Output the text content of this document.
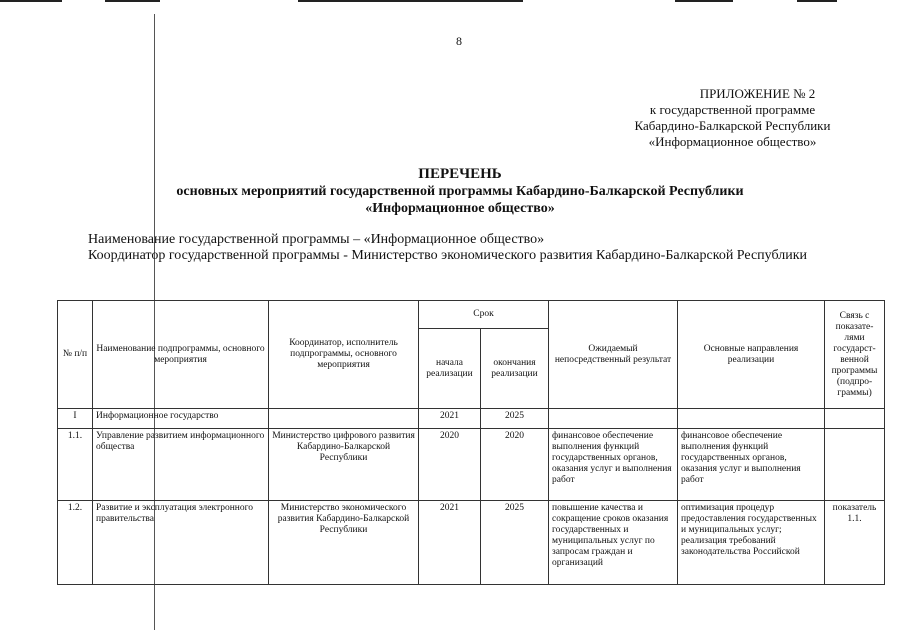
8
ПРИЛОЖЕНИЕ № 2
к государственной программе
Кабардино-Балкарской Республики
«Информационное общество»
ПЕРЕЧЕНЬ
основных мероприятий государственной программы Кабардино-Балкарской Республики
«Информационное общество»

Наименование государственной программы – «Информационное общество»

Координатор государственной программы - Министерство экономического развития Кабардино-Балкарской Республики

№ п/п	Наименование подпрограммы, основного мероприятия	Координатор, исполнитель подпрограммы, основного мероприятия	Срок		Ожидаемый непосредственный результат	Основные направления реализации	Связь с показате-лями государст-венной программы (подпро-граммы)
			начала реализации	окончания реализации			
I	Информационное государство		2021	2025			
1.1.	Управление развитием информационного общества	Министерство цифрового развития Кабардино-Балкарской Республики	2020	2020	финансовое обеспечение выполнения функций государственных органов, оказания услуг и выполнения работ	финансовое обеспечение выполнения функций государственных органов, оказания услуг и выполнения работ	
1.2.	Развитие и эксплуатация электронного правительства	Министерство экономического развития Кабардино-Балкарской Республики	2021	2025	повышение качества и сокращение сроков оказания государственных и муниципальных услуг по запросам граждан и организаций	оптимизация процедур предоставления государственных и муниципальных услуг; реализация требований законодательства Российской	показатель 1.1.
